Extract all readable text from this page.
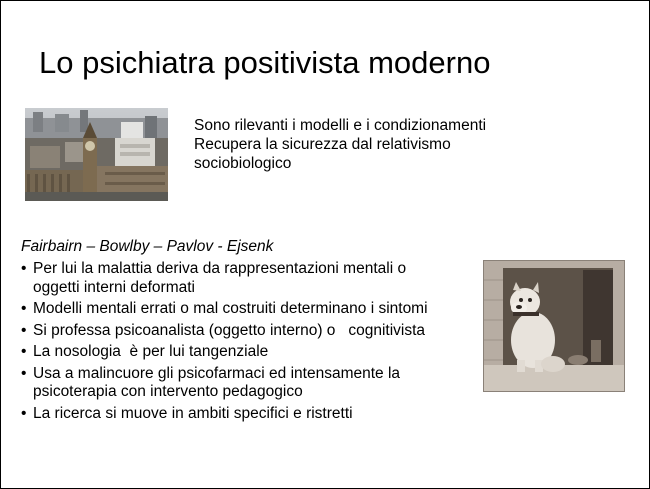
Lo psichiatra positivista moderno
Sono rilevanti i modelli e i condizionamenti
Recupera la sicurezza dal relativismo
sociobiologico
Fairbairn – Bowlby – Pavlov - Ejsenk
• Per lui la malattia deriva da rappresentazioni mentali o
oggetti interni deformati
• Modelli mentali errati o mal costruiti determinano i sintomi
• Si professa psicoanalista (oggetto interno) o   cognitivista
• La nosologia  è per lui tangenziale
• Usa a malincuore gli psicofarmaci ed intensamente la
psicoterapia con intervento pedagogico
• La ricerca si muove in ambiti specifici e ristretti
